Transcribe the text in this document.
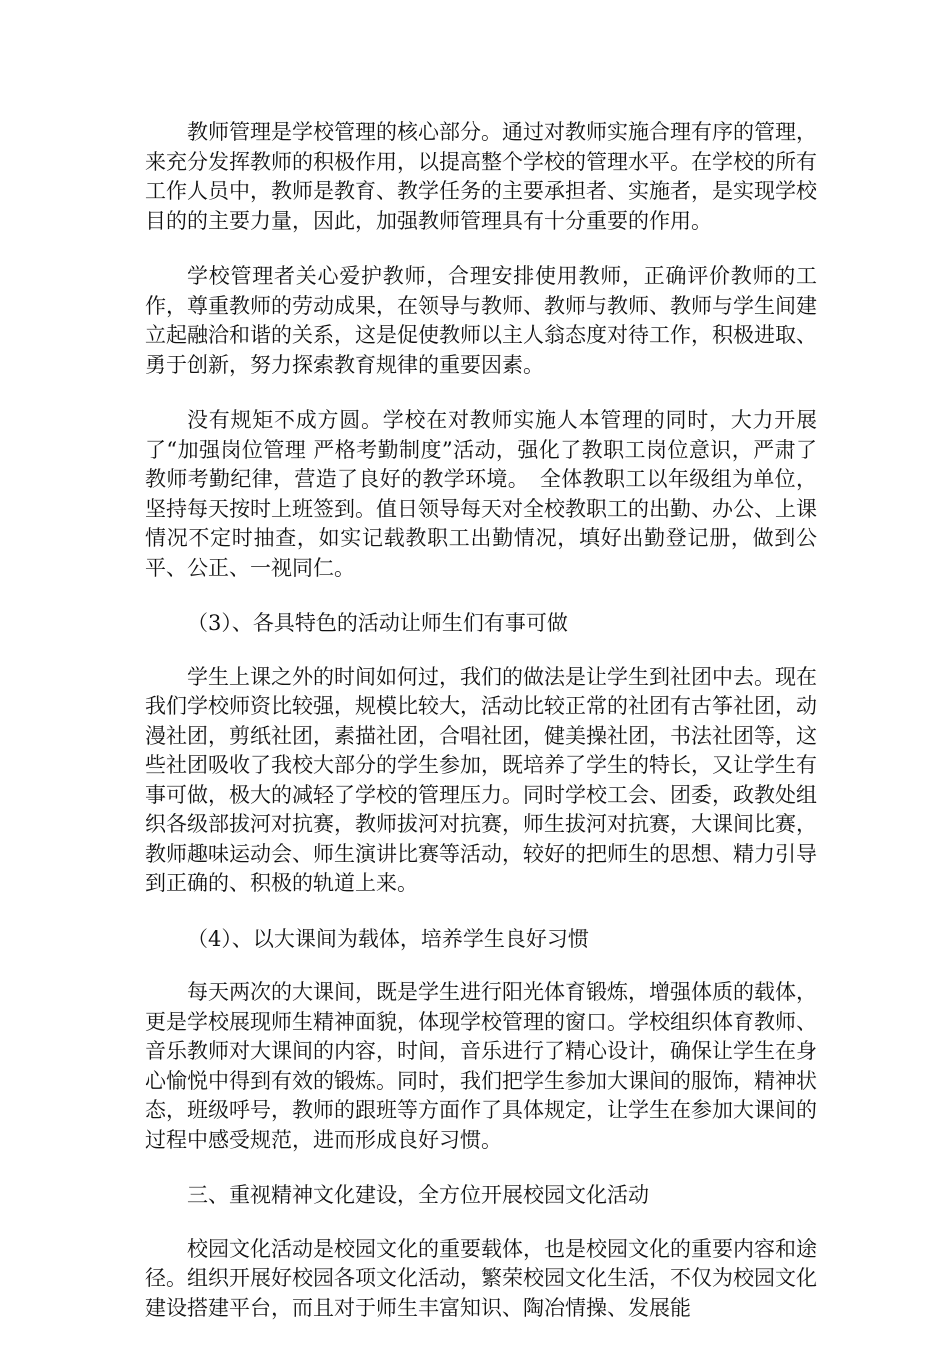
教师管理是学校管理的核心部分。通过对教师实施合理有序的管理，来充分发挥教师的积极作用，以提高整个学校的管理水平。在学校的所有工作人员中，教师是教育、教学任务的主要承担者、实施者，是实现学校目的的主要力量，因此，加强教师管理具有十分重要的作用。

学校管理者关心爱护教师，合理安排使用教师，正确评价教师的工作，尊重教师的劳动成果，在领导与教师、教师与教师、教师与学生间建立起融洽和谐的关系，这是促使教师以主人翁态度对待工作，积极进取、勇于创新，努力探索教育规律的重要因素。

没有规矩不成方圆。学校在对教师实施人本管理的同时，大力开展了“加强岗位管理 严格考勤制度”活动，强化了教职工岗位意识，严肃了教师考勤纪律，营造了良好的教学环境。　全体教职工以年级组为单位，坚持每天按时上班签到。值日领导每天对全校教职工的出勤、办公、上课情况不定时抽查，如实记载教职工出勤情况，填好出勤登记册，做到公平、公正、一视同仁。

（3）、各具特色的活动让师生们有事可做

学生上课之外的时间如何过，我们的做法是让学生到社团中去。现在我们学校师资比较强，规模比较大，活动比较正常的社团有古筝社团，动漫社团，剪纸社团，素描社团，合唱社团，健美操社团，书法社团等，这些社团吸收了我校大部分的学生参加，既培养了学生的特长，又让学生有事可做，极大的减轻了学校的管理压力。同时学校工会、团委，政教处组织各级部拔河对抗赛，教师拔河对抗赛，师生拔河对抗赛，大课间比赛，教师趣味运动会、师生演讲比赛等活动，较好的把师生的思想、精力引导到正确的、积极的轨道上来。

（4）、以大课间为载体，培养学生良好习惯

每天两次的大课间，既是学生进行阳光体育锻炼，增强体质的载体，更是学校展现师生精神面貌，体现学校管理的窗口。学校组织体育教师、音乐教师对大课间的内容，时间，音乐进行了精心设计，确保让学生在身心愉悦中得到有效的锻炼。同时，我们把学生参加大课间的服饰，精神状态，班级呼号，教师的跟班等方面作了具体规定，让学生在参加大课间的过程中感受规范，进而形成良好习惯。

三、重视精神文化建设，全方位开展校园文化活动

校园文化活动是校园文化的重要载体，也是校园文化的重要内容和途径。组织开展好校园各项文化活动，繁荣校园文化生活，不仅为校园文化建设搭建平台，而且对于师生丰富知识、陶冶情操、发展能
